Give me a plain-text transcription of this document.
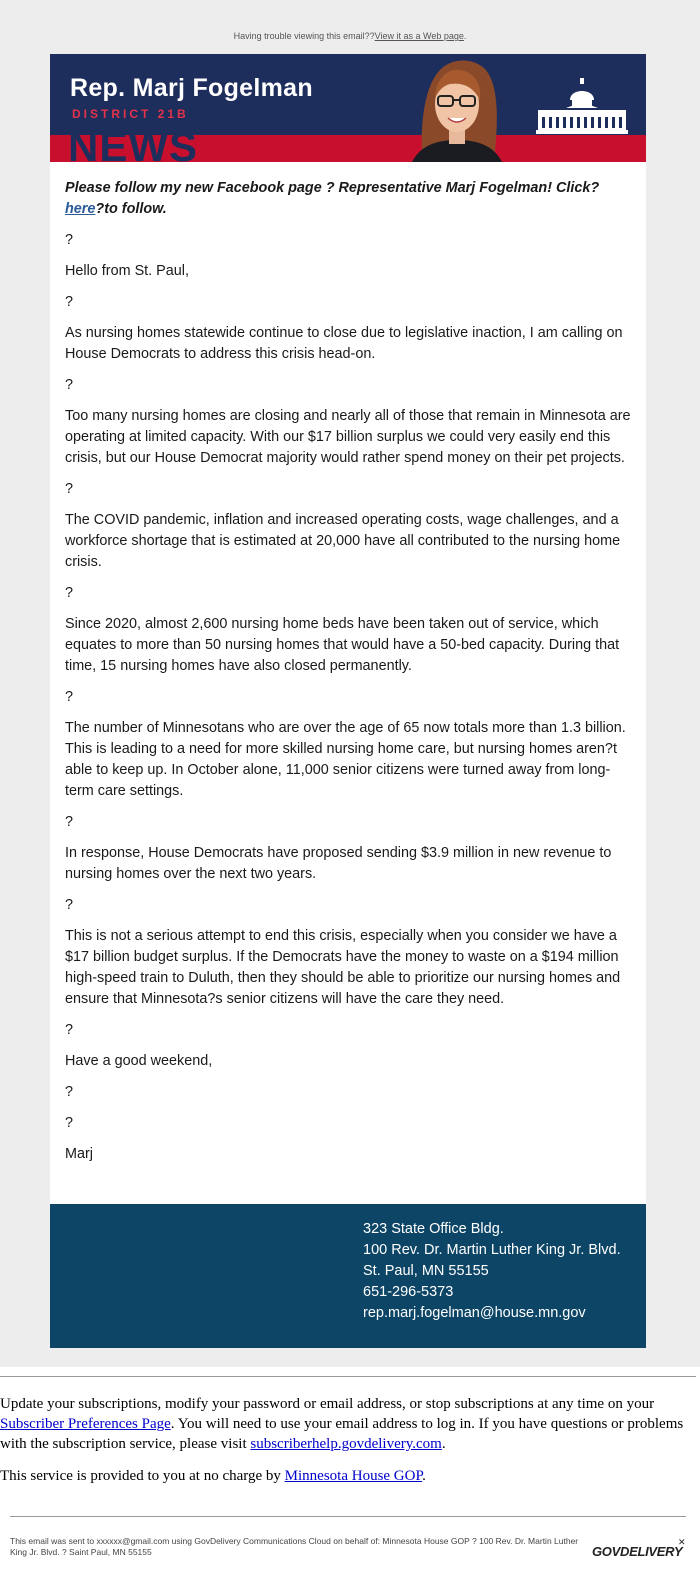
Having trouble viewing this email??View it as a Web page.
Rep. Marj Fogelman
DISTRICT 21B
NEWS

Please follow my new Facebook page ? Representative Marj Fogelman! Click? here?to follow.

?

Hello from St. Paul,

?

As nursing homes statewide continue to close due to legislative inaction, I am calling on House Democrats to address this crisis head-on.

?

Too many nursing homes are closing and nearly all of those that remain in Minnesota are operating at limited capacity. With our $17 billion surplus we could very easily end this crisis, but our House Democrat majority would rather spend money on their pet projects.

?

The COVID pandemic, inflation and increased operating costs, wage challenges, and a workforce shortage that is estimated at 20,000 have all contributed to the nursing home crisis.

?

Since 2020, almost 2,600 nursing home beds have been taken out of service, which equates to more than 50 nursing homes that would have a 50-bed capacity. During that time, 15 nursing homes have also closed permanently.

?

The number of Minnesotans who are over the age of 65 now totals more than 1.3 billion. This is leading to a need for more skilled nursing home care, but nursing homes aren?t able to keep up. In October alone, 11,000 senior citizens were turned away from long-term care settings.

?

In response, House Democrats have proposed sending $3.9 million in new revenue to nursing homes over the next two years.

?

This is not a serious attempt to end this crisis, especially when you consider we have a $17 billion budget surplus. If the Democrats have the money to waste on a $194 million high-speed train to Duluth, then they should be able to prioritize our nursing homes and ensure that Minnesota?s senior citizens will have the care they need.

?

Have a good weekend,

?

?

Marj

323 State Office Bldg.
100 Rev. Dr. Martin Luther King Jr. Blvd.
St. Paul, MN 55155
651-296-5373
rep.marj.fogelman@house.mn.gov

Update your subscriptions, modify your password or email address, or stop subscriptions at any time on your Subscriber Preferences Page. You will need to use your email address to log in. If you have questions or problems with the subscription service, please visit subscriberhelp.govdelivery.com.

This service is provided to you at no charge by Minnesota House GOP.

This email was sent to xxxxxx@gmail.com using GovDelivery Communications Cloud on behalf of: Minnesota House GOP ? 100 Rev. Dr. Martin Luther King Jr. Blvd. ? Saint Paul, MN 55155	GOVDELIVERY
✕
